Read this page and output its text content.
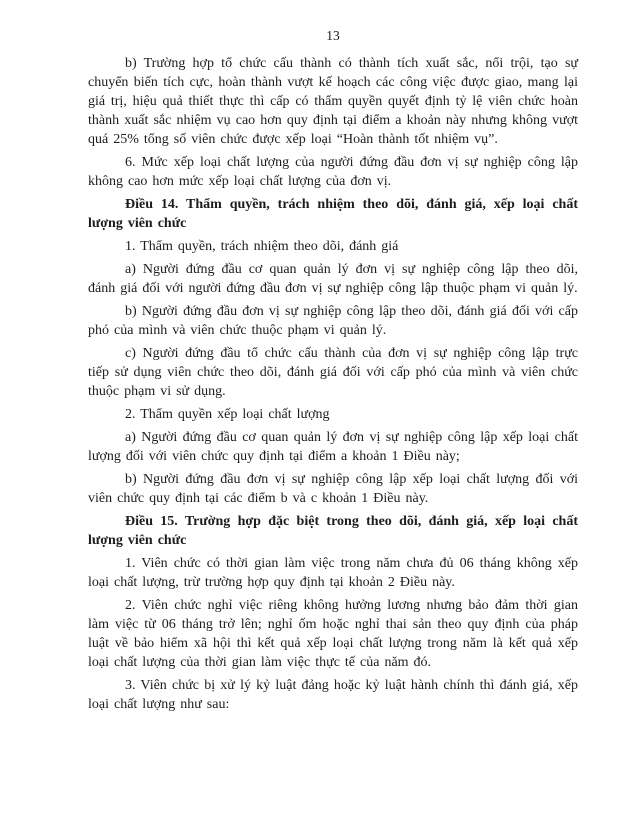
13

b) Trường hợp tổ chức cấu thành có thành tích xuất sắc, nổi trội, tạo sự chuyển biến tích cực, hoàn thành vượt kế hoạch các công việc được giao, mang lại giá trị, hiệu quả thiết thực thì cấp có thẩm quyền quyết định tỷ lệ viên chức hoàn thành xuất sắc nhiệm vụ cao hơn quy định tại điểm a khoản này nhưng không vượt quá 25% tổng số viên chức được xếp loại “Hoàn thành tốt nhiệm vụ”.

6. Mức xếp loại chất lượng của người đứng đầu đơn vị sự nghiệp công lập không cao hơn mức xếp loại chất lượng của đơn vị.

Điều 14. Thẩm quyền, trách nhiệm theo dõi, đánh giá, xếp loại chất lượng viên chức

1. Thẩm quyền, trách nhiệm theo dõi, đánh giá

a) Người đứng đầu cơ quan quản lý đơn vị sự nghiệp công lập theo dõi, đánh giá đối với người đứng đầu đơn vị sự nghiệp công lập thuộc phạm vi quản lý.

b) Người đứng đầu đơn vị sự nghiệp công lập theo dõi, đánh giá đối với cấp phó của mình và viên chức thuộc phạm vi quản lý.

c) Người đứng đầu tổ chức cấu thành của đơn vị sự nghiệp công lập trực tiếp sử dụng viên chức theo dõi, đánh giá đối với cấp phó của mình và viên chức thuộc phạm vi sử dụng.

2. Thẩm quyền xếp loại chất lượng

a) Người đứng đầu cơ quan quản lý đơn vị sự nghiệp công lập xếp loại chất lượng đối với viên chức quy định tại điểm a khoản 1 Điều này;

b) Người đứng đầu đơn vị sự nghiệp công lập xếp loại chất lượng đối với viên chức quy định tại các điểm b và c khoản 1 Điều này.

Điều 15. Trường hợp đặc biệt trong theo dõi, đánh giá, xếp loại chất lượng viên chức

1. Viên chức có thời gian làm việc trong năm chưa đủ 06 tháng không xếp loại chất lượng, trừ trường hợp quy định tại khoản 2 Điều này.

2. Viên chức nghỉ việc riêng không hưởng lương nhưng bảo đảm thời gian làm việc từ 06 tháng trở lên; nghỉ ốm hoặc nghỉ thai sản theo quy định của pháp luật về bảo hiểm xã hội thì kết quả xếp loại chất lượng trong năm là kết quả xếp loại chất lượng của thời gian làm việc thực tế của năm đó.

3. Viên chức bị xử lý kỷ luật đảng hoặc kỷ luật hành chính thì đánh giá, xếp loại chất lượng như sau:
